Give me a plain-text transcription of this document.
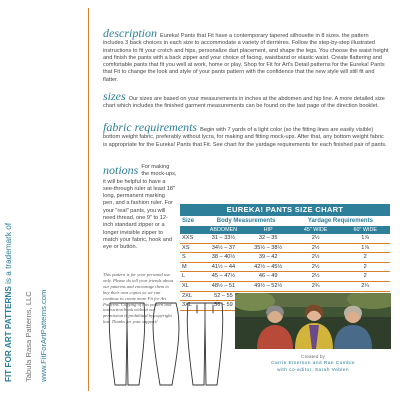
FIT FOR ART PATTERNS is a trademark of
Tabula Rasa Patterns, LLC www.FitForArtPatterns.com
description Eureka! Pants that Fit have a contemporary tapered silhouette in 8 sizes. the pattern includes 3 back choices in each size to accommodate a variety of derrières. Follow the step-by-step illustrated instructions to fit your crotch and hips, personalize dart placement, and shape the legs. You choose the waist height and finish the pants with a back zipper and your choice of facing, waistband or elastic waist. Create flattering and comfortable pants that fit you well at work, home or play. Shop for Fit for Art's Detail patterns for the Eureka! Pants that Fit to change the look and style of your pants pattern with the confidence that the new style will still fit and flatter.
sizes Our sizes are based on your measurements in inches at the abdomen and hip line. A more detailed size chart which includes the finished garment measurements can be found on the last page of the direction booklet.
fabric requirements Begin with 7 yards of a light color (so the fitting lines are easily visible) bottom weight fabric, preferably without lycra, for making and fitting mock-ups. After that, any bottom weight fabric is appropriate for the Eureka! Pants that Fit. See chart for the yardage requirements for each finished pair of pants.
notions For making the mock-ups, it will be helpful to have a see-through ruler at least 18" long, permanent marking pen, and a fashion ruler. For your "real" pants, you will need thread, one 9" to 12-inch standard zipper or a longer invisible zipper to match your fabric, hook and eye or button.
This pattern is for your personal use only. Please do tell your friends about our patterns and encourage them to buy their own copies so we can continue to create more Fit for Art Patterns. Copying of this pattern and instruction book without our permission is prohibited by copyright law. Thanks for your support!
EUREKA! PANTS SIZE CHART				
Size	Body Measurements		Yardage Requirements	
	ABDOMEN	HIP	45" WIDE	60" WIDE
XXS	31 – 33½	32 – 35	2½	1⅞
XS	34½ – 37	35½ – 38½	2½	1⅞
S	38 – 40½	39 – 42	2½	2
M	41½ – 44	42½ – 45½	2½	2
L	45 – 47½	46 – 49	2½	2
XL	48½ – 51	49½ – 52½	2¾	2¼
2XL	52 – 55			
3XL	56 – 59			
Created by
Carrie Emerson and Rae Cumbie
with co-editor, Sarah Veblen
